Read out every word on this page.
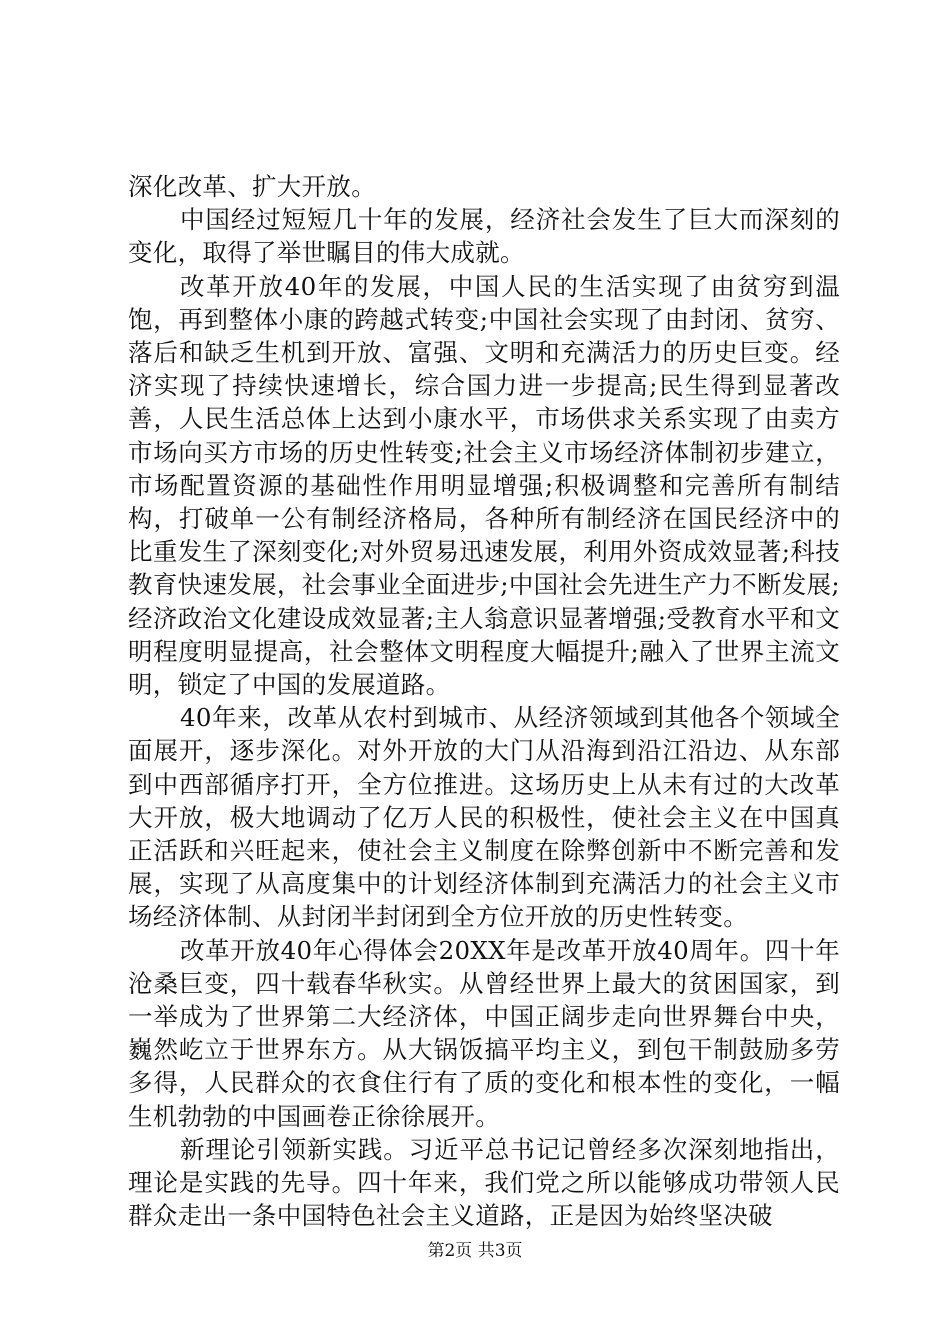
深化改革、扩大开放。

中国经过短短几十年的发展，经济社会发生了巨大而深刻的变化，取得了举世瞩目的伟大成就。

改革开放40年的发展，中国人民的生活实现了由贫穷到温饱，再到整体小康的跨越式转变;中国社会实现了由封闭、贫穷、落后和缺乏生机到开放、富强、文明和充满活力的历史巨变。经济实现了持续快速增长，综合国力进一步提高;民生得到显著改善，人民生活总体上达到小康水平，市场供求关系实现了由卖方市场向买方市场的历史性转变;社会主义市场经济体制初步建立，市场配置资源的基础性作用明显增强;积极调整和完善所有制结构，打破单一公有制经济格局，各种所有制经济在国民经济中的比重发生了深刻变化;对外贸易迅速发展，利用外资成效显著;科技教育快速发展，社会事业全面进步;中国社会先进生产力不断发展;经济政治文化建设成效显著;主人翁意识显著增强;受教育水平和文明程度明显提高，社会整体文明程度大幅提升;融入了世界主流文明，锁定了中国的发展道路。

40年来，改革从农村到城市、从经济领域到其他各个领域全面展开，逐步深化。对外开放的大门从沿海到沿江沿边、从东部到中西部循序打开，全方位推进。这场历史上从未有过的大改革大开放，极大地调动了亿万人民的积极性，使社会主义在中国真正活跃和兴旺起来，使社会主义制度在除弊创新中不断完善和发展，实现了从高度集中的计划经济体制到充满活力的社会主义市场经济体制、从封闭半封闭到全方位开放的历史性转变。

改革开放40年心得体会20XX年是改革开放40周年。四十年沧桑巨变，四十载春华秋实。从曾经世界上最大的贫困国家，到一举成为了世界第二大经济体，中国正阔步走向世界舞台中央，巍然屹立于世界东方。从大锅饭搞平均主义，到包干制鼓励多劳多得，人民群众的衣食住行有了质的变化和根本性的变化，一幅生机勃勃的中国画卷正徐徐展开。

新理论引领新实践。习近平总书记记曾经多次深刻地指出，理论是实践的先导。四十年来，我们党之所以能够成功带领人民群众走出一条中国特色社会主义道路，正是因为始终坚决破

第2页 共3页
